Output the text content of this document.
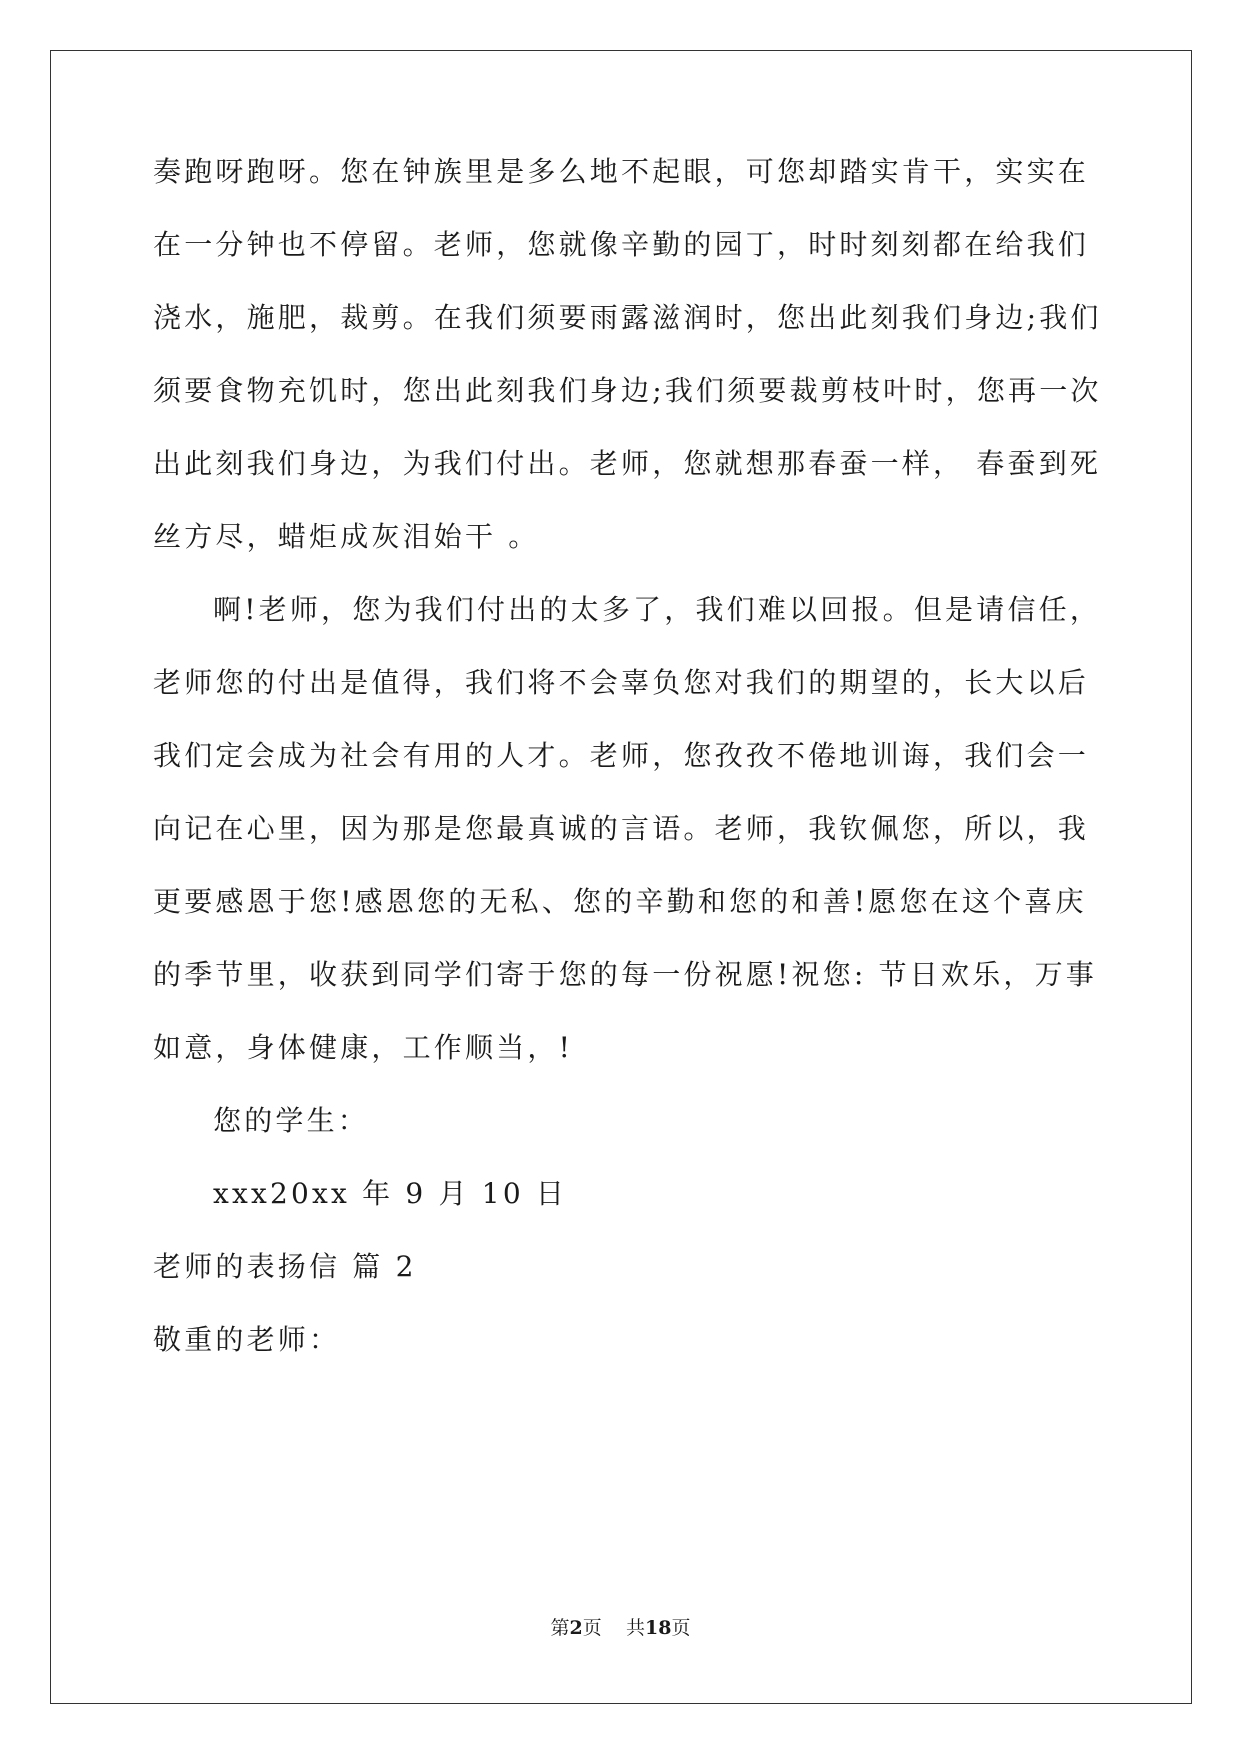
奏跑呀跑呀。您在钟族里是多么地不起眼，可您却踏实肯干，实实在
在一分钟也不停留。老师，您就像辛勤的园丁，时时刻刻都在给我们
浇水，施肥，裁剪。在我们须要雨露滋润时，您出此刻我们身边;我们
须要食物充饥时，您出此刻我们身边;我们须要裁剪枝叶时，您再一次
出此刻我们身边，为我们付出。老师，您就想那春蚕一样， 春蚕到死
丝方尽，蜡炬成灰泪始干 。
啊!老师，您为我们付出的太多了，我们难以回报。但是请信任，
老师您的付出是值得，我们将不会辜负您对我们的期望的，长大以后
我们定会成为社会有用的人才。老师，您孜孜不倦地训诲，我们会一
向记在心里，因为那是您最真诚的言语。老师，我钦佩您，所以，我
更要感恩于您!感恩您的无私、您的辛勤和您的和善!愿您在这个喜庆
的季节里，收获到同学们寄于您的每一份祝愿!祝您: 节日欢乐，万事
如意，身体健康，工作顺当，!
您的学生：
xxx20xx 年 9 月 10 日
老师的表扬信 篇 2
敬重的老师：
第2页 共18页
